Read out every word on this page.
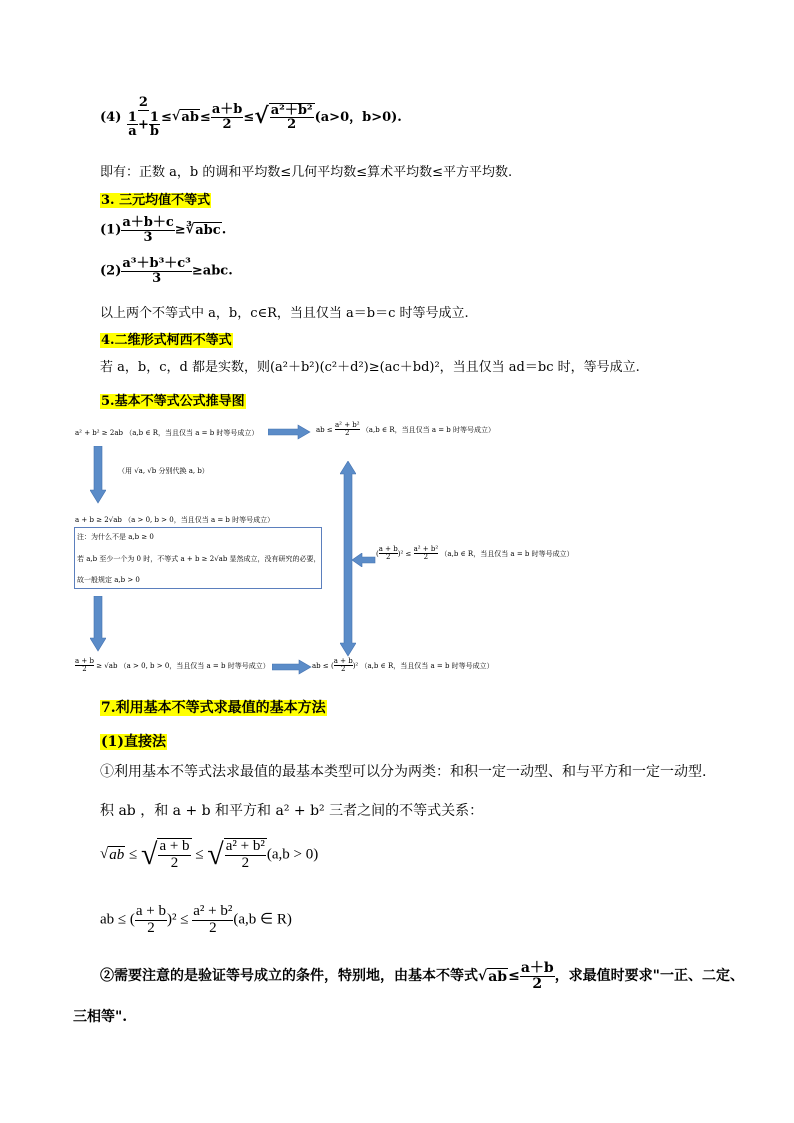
$(4) \frac{2}{\frac{1}{a} + \frac{1}{b}}$ ≤ √ ab ≤ $\frac{a+b}{2}$ ≤ √ $\frac{\text{a²＋b²}}{2} (a>0$，b>0).
即有：正数 a，b 的调和平均数≤几何平均数≤算术平均数≤平方平均数.
3. 三元均值不等式
$(1) \frac{a+b+c}{3}$ ≥ ∛ abc .
$(2) \frac{\text{a³＋b³＋c³}}{3} \ge abc$.
以上两个不等式中 a，b，c∈R，当且仅当 a＝b＝c 时等号成立.
4.二维形式柯西不等式
若 a，b，c，d 都是实数，则(a²＋b²)(c²＋d²)≥(ac＋bd)²，当且仅当 ad＝bc 时，等号成立.
5.基本不等式公式推导图
a² + b² ≥ 2ab （a,b ∈ R，当且仅当 a = b 时等号成立）	ab ≤ $\frac{\text{a² + b²}}{2} (a,b$ ∈ R，当且仅当 a = b 时等号成立）
（用 √a, √b 分别代换 a, b）
a + b ≥ 2√ab （a > 0, b > 0，当且仅当 a = b 时等号成立）
注：为什么不是 a,b ≥ 0
若 a,b 至少一个为 0 时，不等式 a + b ≥ 2√ab 显然成立，没有研究的必要，
故一般规定 a,b > 0
( $\frac{a + b}{2} )^2 \le \frac{\text{a² + b²}}{2} (a,b$ ∈ R，当且仅当 a = b 时等号成立）
$\frac{a + b}{2} \ge √ab$ （a > 0, b > 0，当且仅当 a = b 时等号成立）	ab ≤ ( $\frac{a + b}{2} )^2$ （a,b ∈ R，当且仅当 a = b 时等号成立）
7.利用基本不等式求最值的基本方法
(1)直接法
①利用基本不等式法求最值的最基本类型可以分为两类：和积一定一动型、和与平方和一定一动型.
积 ab ，和 a + b 和平方和 a² + b² 三者之间的不等式关系：
√ ab ≤ √ $\frac{a + b}{2}$ ≤ √ $\frac{\text{a² + b²}}{2} (a,b > 0)$
ab ≤ ( $\frac{a + b}{2} )^2 \le \frac{\text{a² + b²}}{2} (a,b$ ∈ R)
②需要注意的是验证等号成立的条件，特别地，由基本不等式 √ ab ≤ $\frac{a+b}{2}$ ，求最值时要求"一正、二定、
三相等".
